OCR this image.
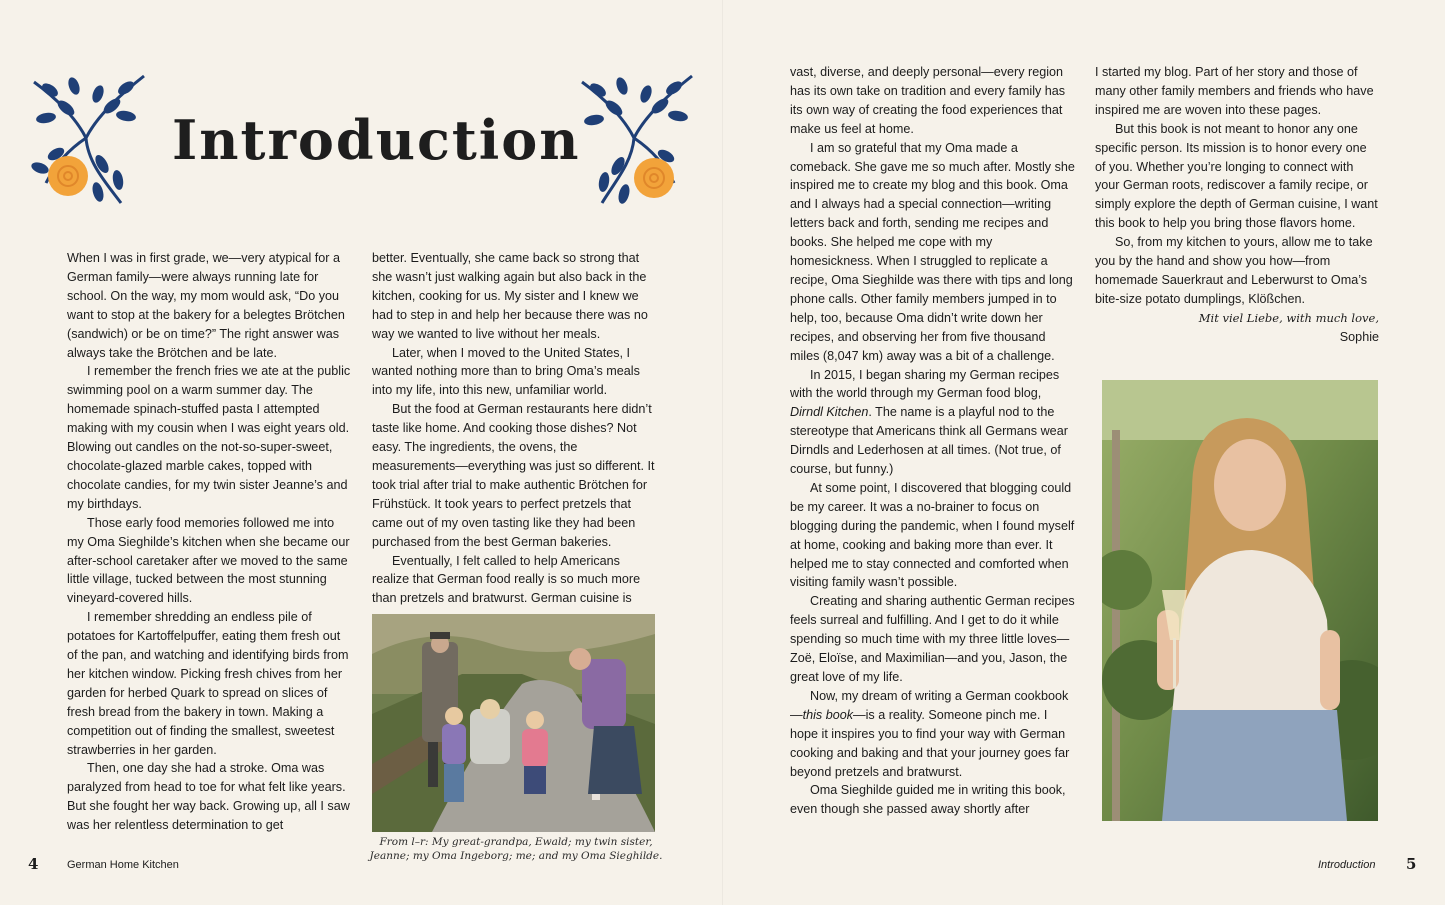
Introduction

When I was in first grade, we—very atypical for a German family—were always running late for school. On the way, my mom would ask, “Do you want to stop at the bakery for a belegtes Brötchen (sandwich) or be on time?” The right answer was always take the Brötchen and be late.

I remember the french fries we ate at the public swimming pool on a warm summer day. The homemade spinach-stuffed pasta I attempted making with my cousin when I was eight years old. Blowing out candles on the not-so-super-sweet, chocolate-glazed marble cakes, topped with chocolate candies, for my twin sister Jeanne’s and my birthdays.

Those early food memories followed me into my Oma Sieghilde’s kitchen when she became our after-school caretaker after we moved to the same little village, tucked between the most stunning vineyard-covered hills.

I remember shredding an endless pile of potatoes for Kartoffelpuffer, eating them fresh out of the pan, and watching and identifying birds from her kitchen window. Picking fresh chives from her garden for herbed Quark to spread on slices of fresh bread from the bakery in town. Making a competition out of finding the smallest, sweetest strawberries in her garden.

Then, one day she had a stroke. Oma was paralyzed from head to toe for what felt like years. But she fought her way back. Growing up, all I saw was her relentless determination to get

better. Eventually, she came back so strong that she wasn’t just walking again but also back in the kitchen, cooking for us. My sister and I knew we had to step in and help her because there was no way we wanted to live without her meals.

Later, when I moved to the United States, I wanted nothing more than to bring Oma’s meals into my life, into this new, unfamiliar world.

But the food at German restaurants here didn’t taste like home. And cooking those dishes? Not easy. The ingredients, the ovens, the measurements—everything was just so different. It took trial after trial to make authentic Brötchen for Frühstück. It took years to perfect pretzels that came out of my oven tasting like they had been purchased from the best German bakeries.

Eventually, I felt called to help Americans realize that German food really is so much more than pretzels and bratwurst. German cuisine is

From l–r: My great-grandpa, Ewald; my twin sister, Jeanne; my Oma Ingeborg; me; and my Oma Sieghilde.
4	German Home Kitchen

vast, diverse, and deeply personal—every region has its own take on tradition and every family has its own way of creating the food experiences that make us feel at home.

I am so grateful that my Oma made a comeback. She gave me so much after. Mostly she inspired me to create my blog and this book. Oma and I always had a special connection—writing letters back and forth, sending me recipes and books. She helped me cope with my homesickness. When I struggled to replicate a recipe, Oma Sieghilde was there with tips and long phone calls. Other family members jumped in to help, too, because Oma didn’t write down her recipes, and observing her from five thousand miles (8,047 km) away was a bit of a challenge.

In 2015, I began sharing my German recipes with the world through my German food blog, Dirndl Kitchen. The name is a playful nod to the stereotype that Americans think all Germans wear Dirndls and Lederhosen at all times. (Not true, of course, but funny.)

At some point, I discovered that blogging could be my career. It was a no-brainer to focus on blogging during the pandemic, when I found myself at home, cooking and baking more than ever. It helped me to stay connected and comforted when visiting family wasn’t possible.

Creating and sharing authentic German recipes feels surreal and fulfilling. And I get to do it while spending so much time with my three little loves—Zoë, Eloïse, and Maximilian—and you, Jason, the great love of my life.

Now, my dream of writing a German cookbook—this book—is a reality. Someone pinch me. I hope it inspires you to find your way with German cooking and baking and that your journey goes far beyond pretzels and bratwurst.

Oma Sieghilde guided me in writing this book, even though she passed away shortly after

I started my blog. Part of her story and those of many other family members and friends who have inspired me are woven into these pages.

But this book is not meant to honor any one specific person. Its mission is to honor every one of you. Whether you’re longing to connect with your German roots, rediscover a family recipe, or simply explore the depth of German cuisine, I want this book to help you bring those flavors home.

So, from my kitchen to yours, allow me to take you by the hand and show you how—from homemade Sauerkraut and Leberwurst to Oma’s bite-size potato dumplings, Klößchen.

Mit viel Liebe, with much love,

Sophie

Introduction 5
